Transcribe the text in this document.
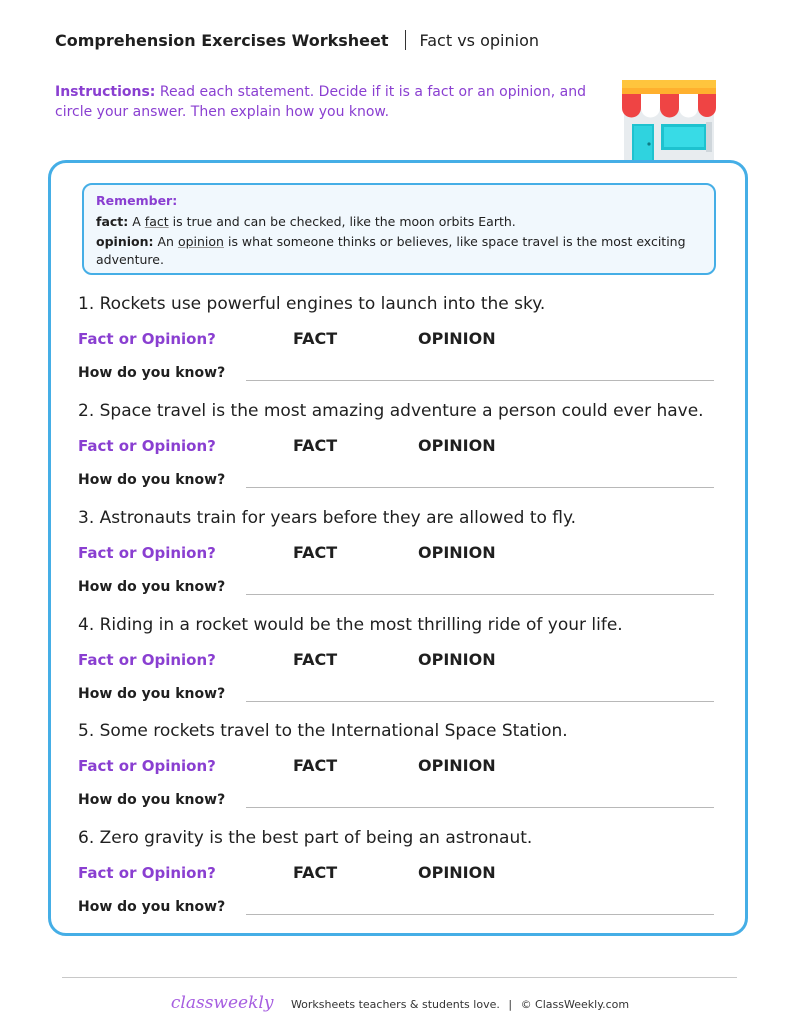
Comprehension Exercises Worksheet Fact vs opinion
Instructions: Read each statement. Decide if it is a fact or an opinion, and circle your answer. Then explain how you know.
Remember:
fact: A fact is true and can be checked, like the moon orbits Earth.
opinion: An opinion is what someone thinks or believes, like space travel is the most exciting adventure.
1. Rockets use powerful engines to launch into the sky.
Fact or Opinion?	FACT	OPINION
How do you know?
2. Space travel is the most amazing adventure a person could ever have.
Fact or Opinion?	FACT	OPINION
How do you know?
3. Astronauts train for years before they are allowed to fly.
Fact or Opinion?	FACT	OPINION
How do you know?
4. Riding in a rocket would be the most thrilling ride of your life.
Fact or Opinion?	FACT	OPINION
How do you know?
5. Some rockets travel to the International Space Station.
Fact or Opinion?	FACT	OPINION
How do you know?
6. Zero gravity is the best part of being an astronaut.
Fact or Opinion?	FACT	OPINION
How do you know?
classweekly Worksheets teachers & students love. | © ClassWeekly.com
